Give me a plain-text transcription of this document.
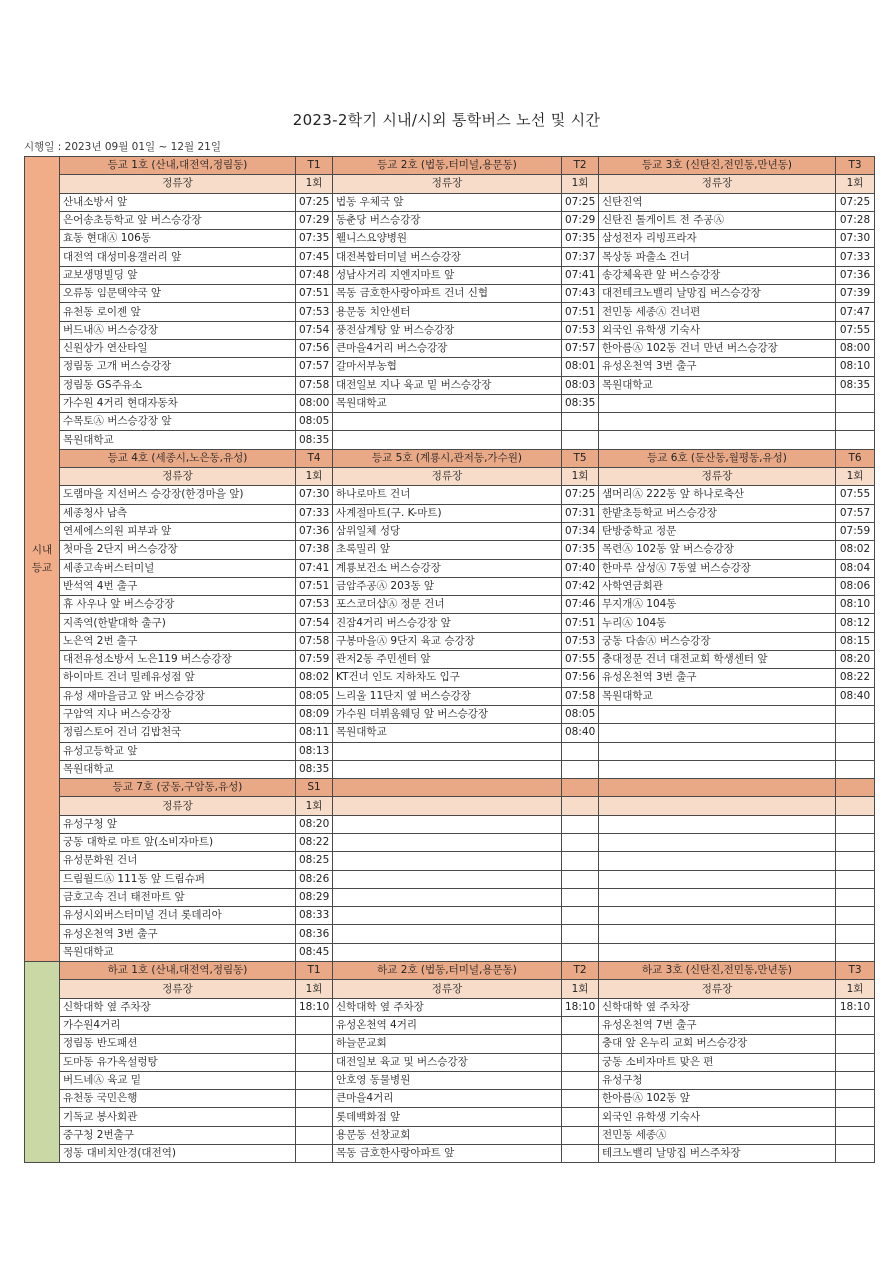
2023-2학기 시내/시외 통학버스 노선 및 시간
시행일 : 2023년 09월 01일 ~ 12월 21일
시내
등교	등교 1호 (산내,대전역,정림동)	T1	등교 2호 (법동,터미널,용문동)	T2	등교 3호 (신탄진,전민동,만년동)	T3
	정류장	1회	정류장	1회	정류장	1회
	산내소방서 앞	07:25	법동 우체국 앞	07:25	신탄진역	07:25
	은어송초등학교 앞 버스승강장	07:29	동춘당 버스승강장	07:29	신탄진 톨게이트 전 주공Ⓐ	07:28
	효동 현대Ⓐ 106동	07:35	웰니스요양병원	07:35	삼성전자 리빙프라자	07:30
	대전역 대성미용갤러리 앞	07:45	대전복합터미널 버스승강장	07:37	목상동 파출소 건너	07:33
	교보생명빌딩 앞	07:48	성남사거리 지엔지마트 앞	07:41	송강체육관 앞 버스승강장	07:36
	오류동 임문택약국 앞	07:51	목동 금호한사랑아파트 건너 신협	07:43	대전테크노밸리 날망집 버스승강장	07:39
	유천동 로이젠 앞	07:53	용문동 치안센터	07:51	전민동 세종Ⓐ 건너편	07:47
	버드내Ⓐ 버스승강장	07:54	풍전삼계탕 앞 버스승강장	07:53	외국인 유학생 기숙사	07:55
	신원상가 연산타일	07:56	큰마을4거리 버스승강장	07:57	한아름Ⓐ 102동 건너 만년 버스승강장	08:00
	정림동 고개 버스승강장	07:57	갈마서부농협	08:01	유성온천역 3번 출구	08:10
	정림동 GS주유소	07:58	대전일보 지나 육교 밑 버스승강장	08:03	목원대학교	08:35
	가수원 4거리 현대자동차	08:00	목원대학교	08:35		
	수목토Ⓐ 버스승강장 앞	08:05				
	목원대학교	08:35				
	등교 4호 (세종시,노은동,유성)	T4	등교 5호 (계룡시,관저동,가수원)	T5	등교 6호 (둔산동,월평동,유성)	T6
	정류장	1회	정류장	1회	정류장	1회
	도램마을 지선버스 승강장(한경마을 앞)	07:30	하나로마트 건너	07:25	샘머리Ⓐ 222동 앞 하나로축산	07:55
	세종청사 남측	07:33	사계절마트(구. K-마트)	07:31	한밭초등학교 버스승강장	07:57
	연세에스의원 피부과 앞	07:36	삼위일체 성당	07:34	탄방중학교 정문	07:59
	첫마을 2단지 버스승강장	07:38	초록밀리 앞	07:35	목련Ⓐ 102동 앞 버스승강장	08:02
	세종고속버스터미널	07:41	계룡보건소 버스승강장	07:40	한마루 삼성Ⓐ 7동옆 버스승강장	08:04
	반석역 4번 출구	07:51	금암주공Ⓐ 203동 앞	07:42	사학연금회관	08:06
	휴 사우나 앞 버스승강장	07:53	포스코더샵Ⓐ 정문 건너	07:46	무지개Ⓐ 104동	08:10
	지족역(한밭대학 출구)	07:54	진잠4거리 버스승강장 앞	07:51	누리Ⓐ 104동	08:12
	노은역 2번 출구	07:58	구봉마을Ⓐ 9단지 육교 승강장	07:53	궁동 다솜Ⓐ 버스승강장	08:15
	대전유성소방서 노은119 버스승강장	07:59	관저2동 주민센터 앞	07:55	충대정문 건너 대전교회 학생센터 앞	08:20
	하이마트 건너 밀레유성점 앞	08:02	KT건너 인도 지하차도 입구	07:56	유성온천역 3번 출구	08:22
	유성 새마을금고 앞 버스승강장	08:05	느리울 11단지 옆 버스승강장	07:58	목원대학교	08:40
	구암역 지나 버스승강장	08:09	가수원 더뷔움웨딩 앞 버스승강장	08:05		
	정림스토어 건너 김밥천국	08:11	목원대학교	08:40		
	유성고등학교 앞	08:13				
	목원대학교	08:35				
	등교 7호 (궁동,구암동,유성)	S1				
	정류장	1회				
	유성구청 앞	08:20				
	궁동 대학로 마트 앞(소비자마트)	08:22				
	유성문화원 건너	08:25				
	드림월드Ⓐ 111동 앞 드림슈퍼	08:26				
	금호고속 건너 태전마트 앞	08:29				
	유성시외버스터미널 건너 롯데리아	08:33				
	유성온천역 3번 출구	08:36				
	목원대학교	08:45				
	하교 1호 (산내,대전역,정림동)	T1	하교 2호 (법동,터미널,용문동)	T2	하교 3호 (신탄진,전민동,만년동)	T3
	정류장	1회	정류장	1회	정류장	1회
	신학대학 옆 주차장	18:10	신학대학 옆 주차장	18:10	신학대학 옆 주차장	18:10
	가수원4거리		유성온천역 4거리		유성온천역 7번 출구	
	정림동 반도패션		하늘문교회		충대 앞 온누리 교회 버스승강장	
	도마동 유가옥설렁탕		대전일보 육교 및 버스승강장		궁동 소비자마트 맞은 편	
	버드네Ⓐ 육교 밑		안호영 동물병원		유성구청	
	유천동 국민은행		큰마을4거리		한아름Ⓐ 102동 앞	
	기독교 봉사회관		롯데백화점 앞		외국인 유학생 기숙사	
	중구청 2번출구		용문동 선창교회		전민동 세종Ⓐ	
	정동 대비치안경(대전역)		목동 금호한사랑아파트 앞		테크노밸리 날망집 버스주차장	
